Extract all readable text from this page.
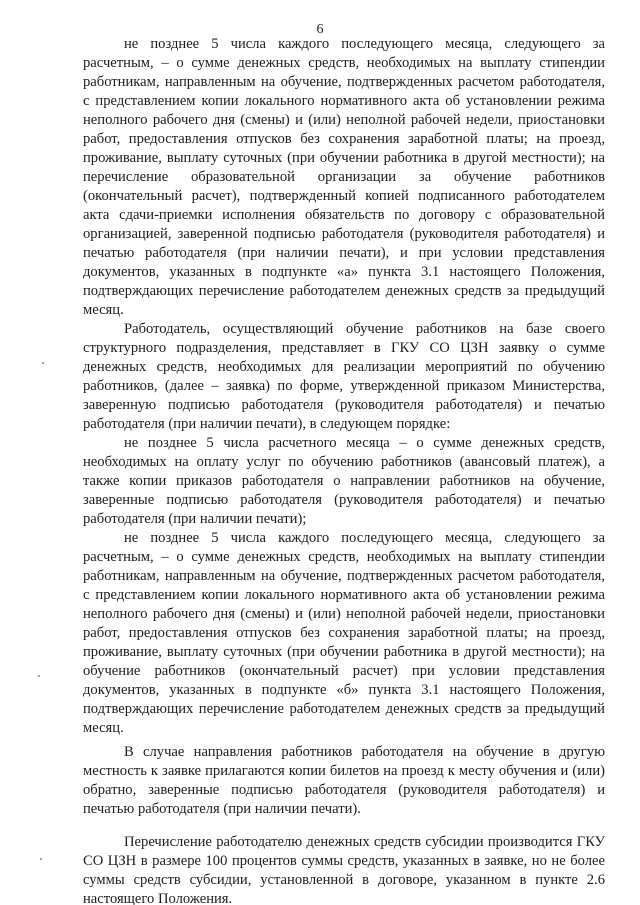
6

не позднее 5 числа каждого последующего месяца, следующего за расчетным, – о сумме денежных средств, необходимых на выплату стипендии работникам, направленным на обучение, подтвержденных расчетом работодателя, с представлением копии локального нормативного акта об установлении режима неполного рабочего дня (смены) и (или) неполной рабочей недели, приостановки работ, предоставления отпусков без сохранения заработной платы; на проезд, проживание, выплату суточных (при обучении работника в другой местности); на перечисление образовательной организации за обучение работников (окончательный расчет), подтвержденный копией подписанного работодателем акта сдачи-приемки исполнения обязательств по договору с образовательной организацией, заверенной подписью работодателя (руководителя работодателя) и печатью работодателя (при наличии печати), и при условии представления документов, указанных в подпункте «а» пункта 3.1 настоящего Положения, подтверждающих перечисление работодателем денежных средств за предыдущий месяц.

Работодатель, осуществляющий обучение работников на базе своего структурного подразделения, представляет в ГКУ СО ЦЗН заявку о сумме денежных средств, необходимых для реализации мероприятий по обучению работников, (далее – заявка) по форме, утвержденной приказом Министерства, заверенную подписью работодателя (руководителя работодателя) и печатью работодателя (при наличии печати), в следующем порядке:

не позднее 5 числа расчетного месяца – о сумме денежных средств, необходимых на оплату услуг по обучению работников (авансовый платеж), а также копии приказов работодателя о направлении работников на обучение, заверенные подписью работодателя (руководителя работодателя) и печатью работодателя (при наличии печати);

не позднее 5 числа каждого последующего месяца, следующего за расчетным, – о сумме денежных средств, необходимых на выплату стипендии работникам, направленным на обучение, подтвержденных расчетом работодателя, с представлением копии локального нормативного акта об установлении режима неполного рабочего дня (смены) и (или) неполной рабочей недели, приостановки работ, предоставления отпусков без сохранения заработной платы; на проезд, проживание, выплату суточных (при обучении работника в другой местности); на обучение работников (окончательный расчет) при условии представления документов, указанных в подпункте «б» пункта 3.1 настоящего Положения, подтверждающих перечисление работодателем денежных средств за предыдущий месяц.

В случае направления работников работодателя на обучение в другую местность к заявке прилагаются копии билетов на проезд к месту обучения и (или) обратно, заверенные подписью работодателя (руководителя работодателя) и печатью работодателя (при наличии печати).

Перечисление работодателю денежных средств субсидии производится ГКУ СО ЦЗН в размере 100 процентов суммы средств, указанных в заявке, но не более суммы средств субсидии, установленной в договоре, указанном в пункте 2.6 настоящего Положения.
